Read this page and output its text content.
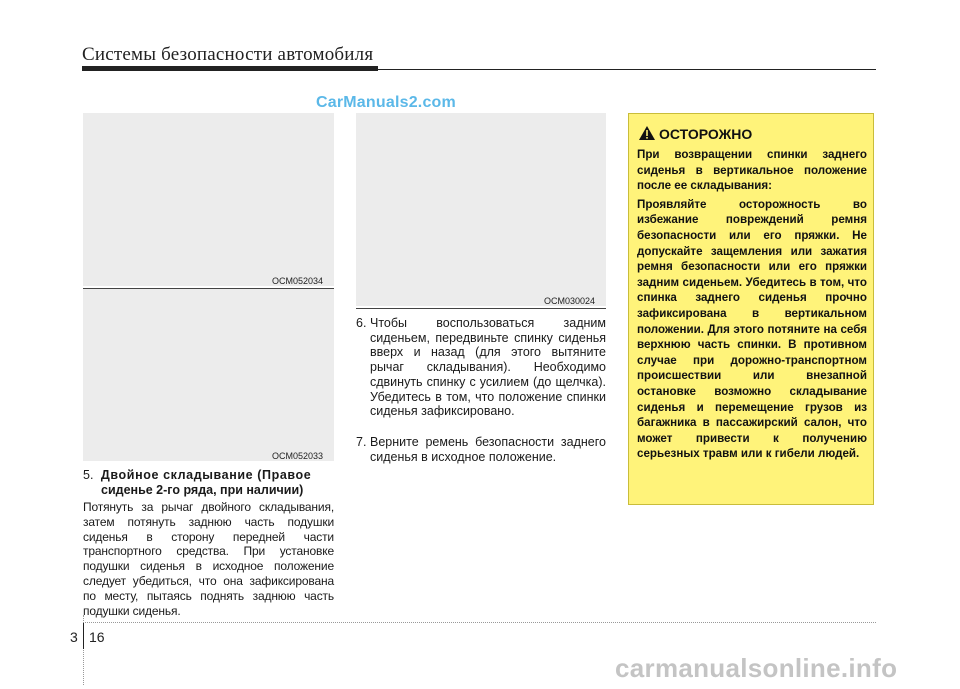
Системы безопасности автомобиля
CarManuals2.com
OCM052034
OCM052033
OCM030024
5. Двойное складывание (Правое
сиденье 2-го ряда, при наличии)
Потянуть за рычаг двойного складывания, затем потянуть заднюю часть подушки сиденья в сторону передней части транспортного средства. При установке подушки сиденья в исходное положение следует убедиться, что она зафиксирована по месту, пытаясь поднять заднюю часть подушки сиденья.
6. Чтобы воспользоваться задним сиденьем, передвиньте спинку сиденья вверх и назад (для этого вытяните рычаг складывания). Необходимо сдвинуть спинку с усилием (до щелчка). Убедитесь в том, что положение спинки сиденья зафиксировано.
7. Верните ремень безопасности заднего сиденья в исходное положение.
ОСТОРОЖНО

При возвращении спинки заднего сиденья в вертикальное положение после ее складывания:

Проявляйте осторожность во избежание повреждений ремня безопасности или его пряжки. Не допускайте защемления или зажатия ремня безопасности или его пряжки задним сиденьем. Убедитесь в том, что спинка заднего сиденья прочно зафиксирована в вертикальном положении. Для этого потяните на себя верхнюю часть спинки. В противном случае при дорожно-транспортном происшествии или внезапной остановке возможно складывание сиденья и перемещение грузов из багажника в пассажирский салон, что может привести к получению серьезных травм или к гибели людей.

3 16
carmanualsonline.info
